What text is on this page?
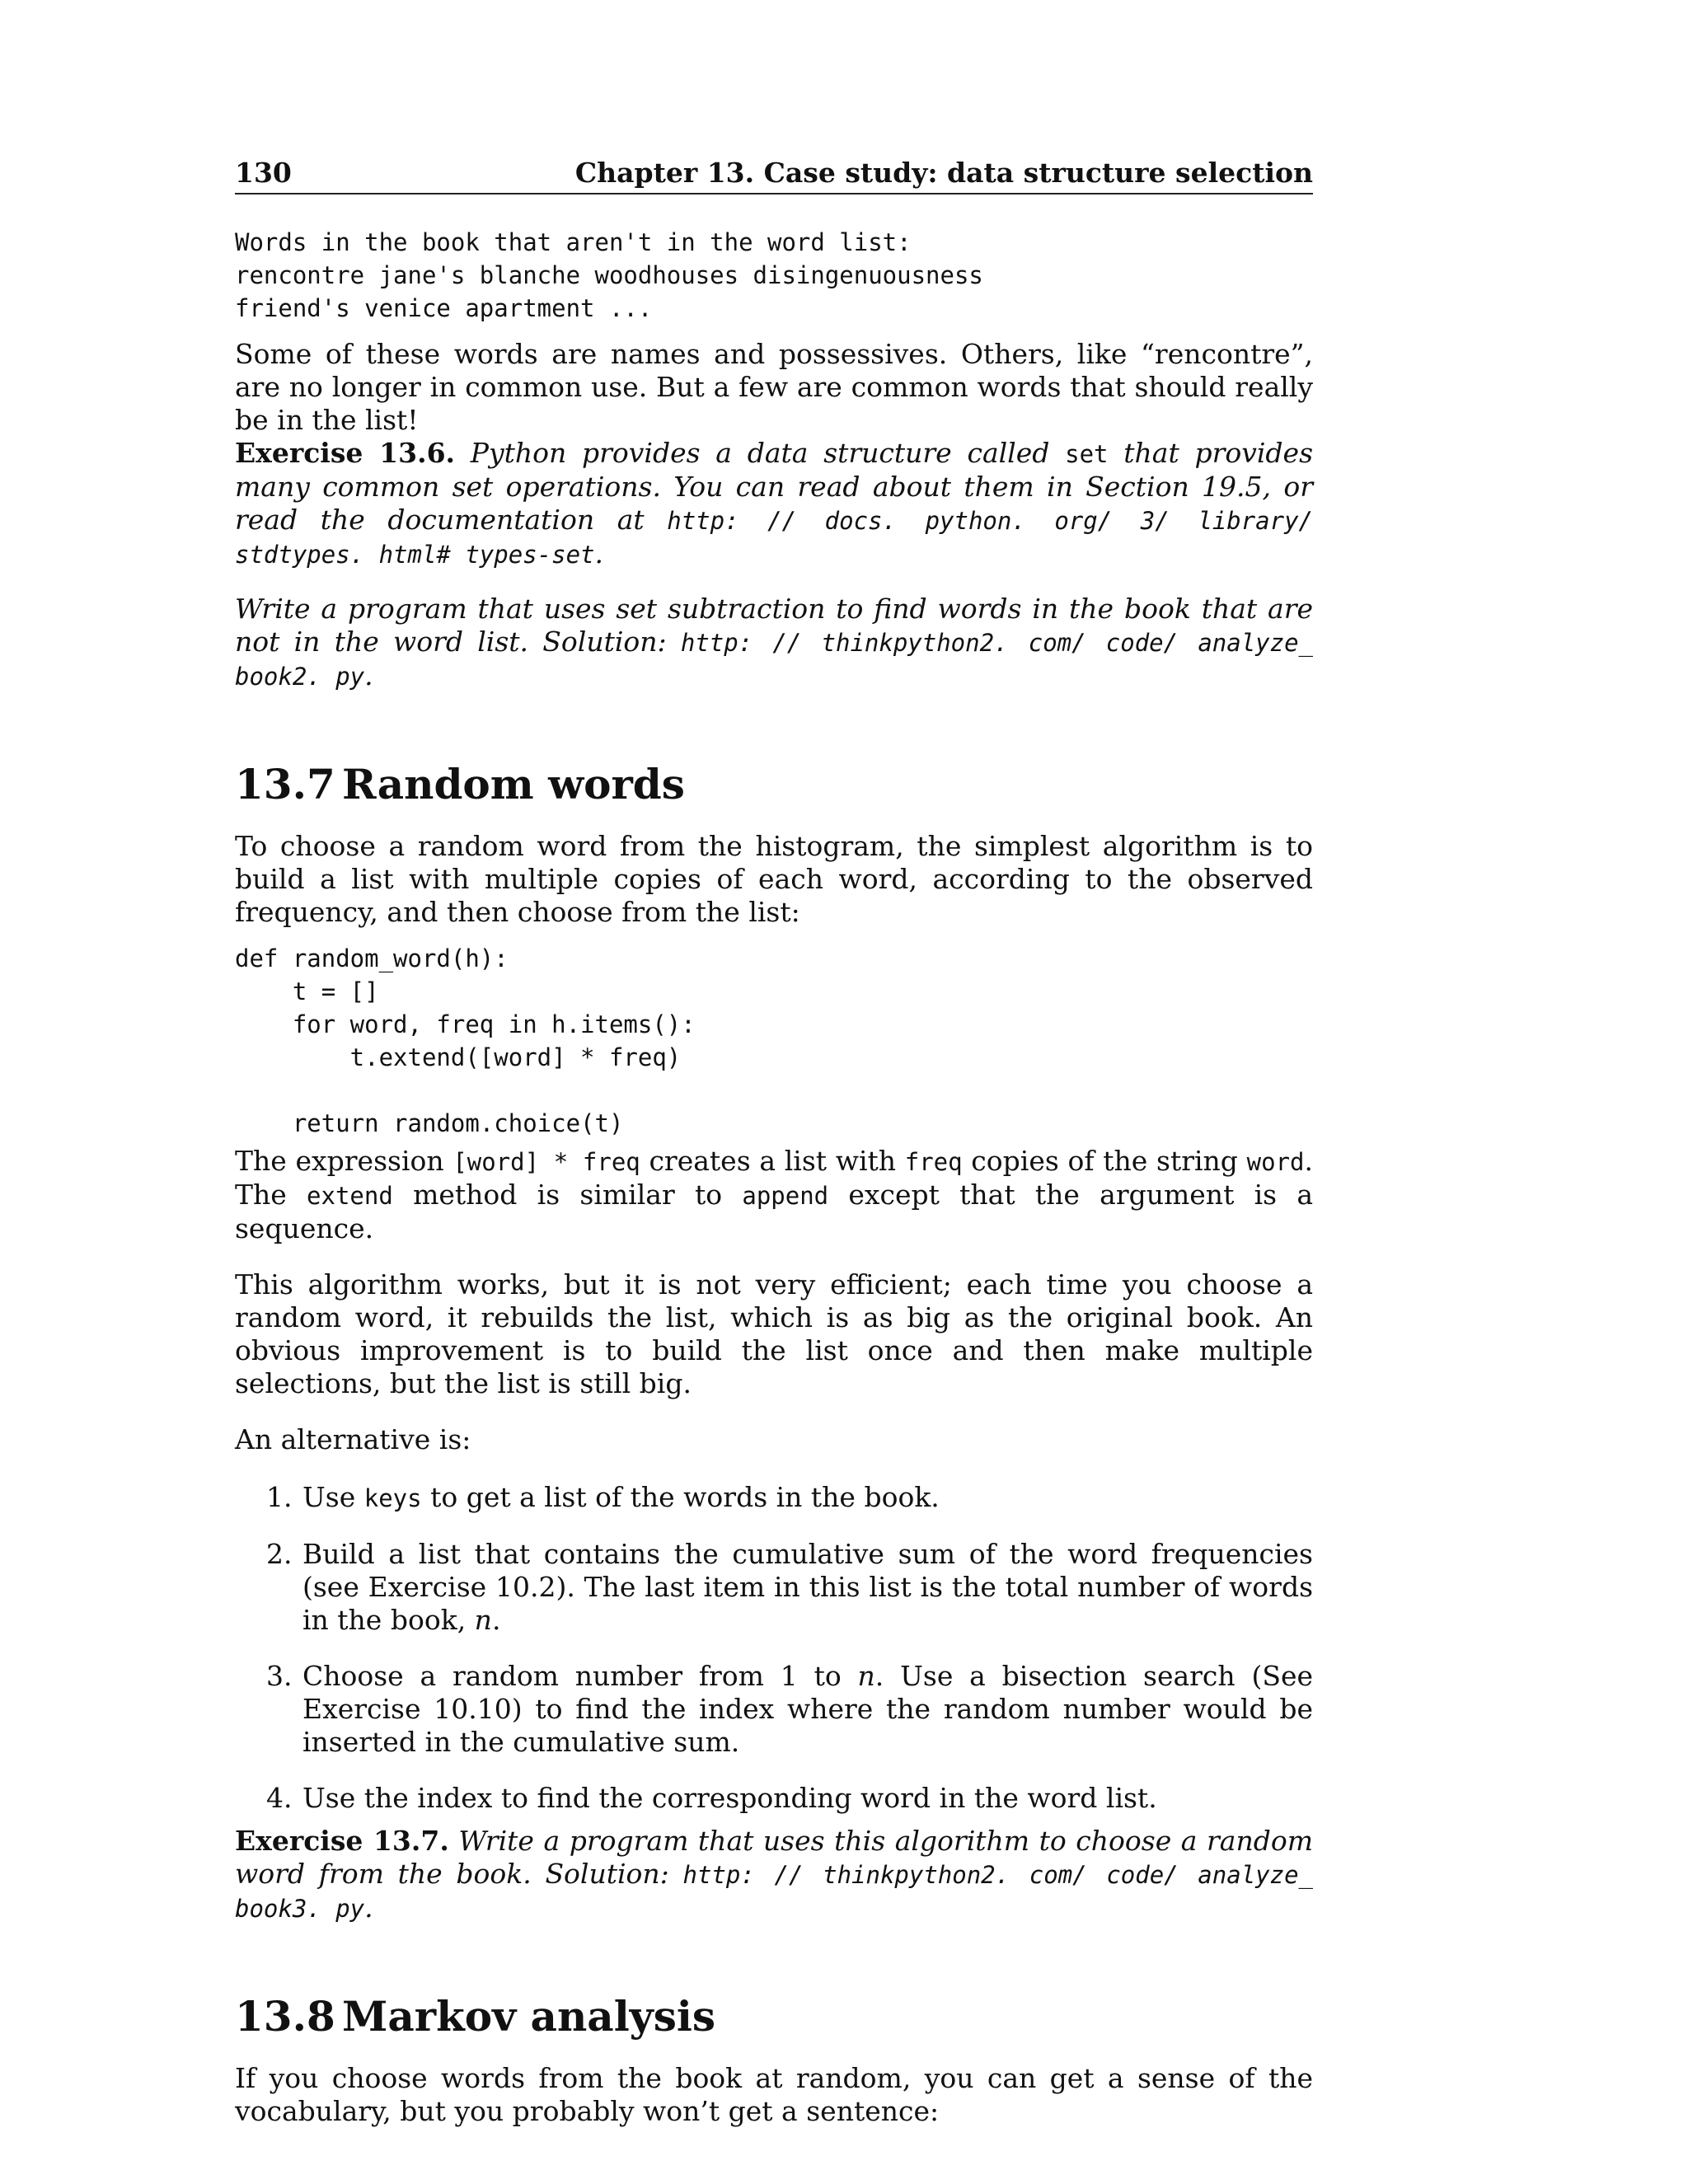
130	Chapter 13. Case study: data structure selection
Words in the book that aren't in the word list:
rencontre jane's blanche woodhouses disingenuousness
friend's venice apartment ...

Some of these words are names and possessives. Others, like “rencontre”, are no longer in common use. But a few are common words that should really be in the list!

Exercise 13.6. Python provides a data structure called set that provides many common set operations. You can read about them in Section 19.5, or read the documentation at http: // docs. python. org/ 3/ library/ stdtypes. html# types-set.

Write a program that uses set subtraction to find words in the book that are not in the word list. Solution: http: // thinkpython2. com/ code/ analyze_ book2. py.

13.7 Random words

To choose a random word from the histogram, the simplest algorithm is to build a list with multiple copies of each word, according to the observed frequency, and then choose from the list:

def random_word(h):
t = []
for word, freq in h.items():
t.extend([word] * freq)
return random.choice(t)

The expression [word] * freq creates a list with freq copies of the string word. The extend method is similar to append except that the argument is a sequence.

This algorithm works, but it is not very efficient; each time you choose a random word, it rebuilds the list, which is as big as the original book. An obvious improvement is to build the list once and then make multiple selections, but the list is still big.

An alternative is:

1. Use keys to get a list of the words in the book.
2. Build a list that contains the cumulative sum of the word frequencies (see Exercise 10.2). The last item in this list is the total number of words in the book, n.
3. Choose a random number from 1 to n. Use a bisection search (See Exercise 10.10) to find the index where the random number would be inserted in the cumulative sum.
4. Use the index to find the corresponding word in the word list.

Exercise 13.7. Write a program that uses this algorithm to choose a random word from the book. Solution: http: // thinkpython2. com/ code/ analyze_ book3. py.

13.8 Markov analysis

If you choose words from the book at random, you can get a sense of the vocabulary, but you probably won’t get a sentence:
